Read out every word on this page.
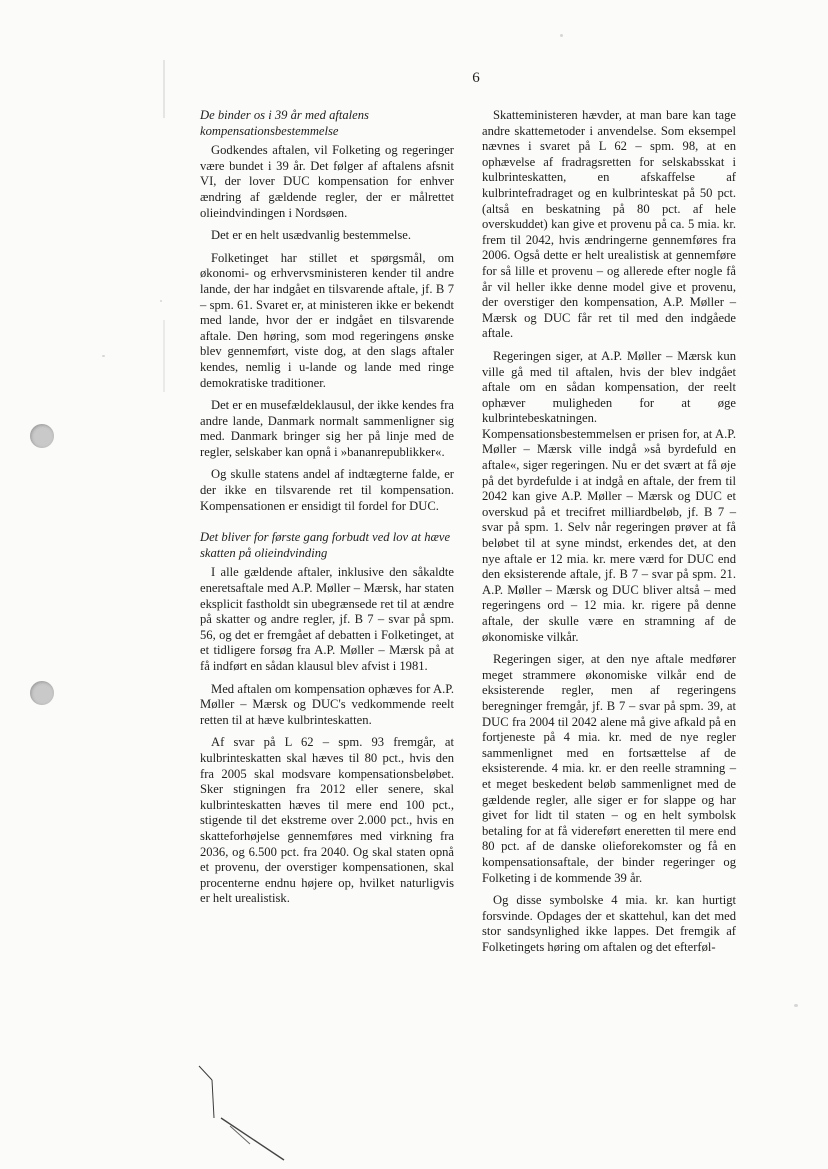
6
De binder os i 39 år med aftalens kompensationsbestemmelse

Godkendes aftalen, vil Folketing og regeringer være bundet i 39 år. Det følger af aftalens afsnit VI, der lover DUC kompensation for enhver ændring af gældende regler, der er målrettet olieindvindingen i Nordsøen.

Det er en helt usædvanlig bestemmelse.

Folketinget har stillet et spørgsmål, om økonomi- og erhvervsministeren kender til andre lande, der har indgået en tilsvarende aftale, jf. B 7 – spm. 61. Svaret er, at ministeren ikke er bekendt med lande, hvor der er indgået en tilsvarende aftale. Den høring, som mod regeringens ønske blev gennemført, viste dog, at den slags aftaler kendes, nemlig i u-lande og lande med ringe demokratiske traditioner.

Det er en musefældeklausul, der ikke kendes fra andre lande, Danmark normalt sammenligner sig med. Danmark bringer sig her på linje med de regler, selskaber kan opnå i »bananrepublikker«.

Og skulle statens andel af indtægterne falde, er der ikke en tilsvarende ret til kompensation. Kompensationen er ensidigt til fordel for DUC.

Det bliver for første gang forbudt ved lov at hæve skatten på olieindvinding

I alle gældende aftaler, inklusive den såkaldte eneretsaftale med A.P. Møller – Mærsk, har staten eksplicit fastholdt sin ubegrænsede ret til at ændre på skatter og andre regler, jf. B 7 – svar på spm. 56, og det er fremgået af debatten i Folketinget, at et tidligere forsøg fra A.P. Møller – Mærsk på at få indført en sådan klausul blev afvist i 1981.

Med aftalen om kompensation ophæves for A.P. Møller – Mærsk og DUC's vedkommende reelt retten til at hæve kulbrinteskatten.

Af svar på L 62 – spm. 93 fremgår, at kulbrinteskatten skal hæves til 80 pct., hvis den fra 2005 skal modsvare kompensationsbeløbet. Sker stigningen fra 2012 eller senere, skal kulbrinteskatten hæves til mere end 100 pct., stigende til det ekstreme over 2.000 pct., hvis en skatteforhøjelse gennemføres med virkning fra 2036, og 6.500 pct. fra 2040. Og skal staten opnå et provenu, der overstiger kompensationen, skal procenterne endnu højere op, hvilket naturligvis er helt urealistisk.

Skatteministeren hævder, at man bare kan tage andre skattemetoder i anvendelse. Som eksempel nævnes i svaret på L 62 – spm. 98, at en ophævelse af fradragsretten for selskabsskat i kulbrinteskatten, en afskaffelse af kulbrintefradraget og en kulbrinteskat på 50 pct. (altså en beskatning på 80 pct. af hele overskuddet) kan give et provenu på ca. 5 mia. kr. frem til 2042, hvis ændringerne gennemføres fra 2006. Også dette er helt urealistisk at gennemføre for så lille et provenu – og allerede efter nogle få år vil heller ikke denne model give et provenu, der overstiger den kompensation, A.P. Møller – Mærsk og DUC får ret til med den indgåede aftale.

Regeringen siger, at A.P. Møller – Mærsk kun ville gå med til aftalen, hvis der blev indgået aftale om en sådan kompensation, der reelt ophæver muligheden for at øge kulbrintebeskatningen. Kompensationsbestemmelsen er prisen for, at A.P. Møller – Mærsk ville indgå »så byrdefuld en aftale«, siger regeringen. Nu er det svært at få øje på det byrdefulde i at indgå en aftale, der frem til 2042 kan give A.P. Møller – Mærsk og DUC et overskud på et trecifret milliardbeløb, jf. B 7 – svar på spm. 1. Selv når regeringen prøver at få beløbet til at syne mindst, erkendes det, at den nye aftale er 12 mia. kr. mere værd for DUC end den eksisterende aftale, jf. B 7 – svar på spm. 21. A.P. Møller – Mærsk og DUC bliver altså – med regeringens ord – 12 mia. kr. rigere på denne aftale, der skulle være en stramning af de økonomiske vilkår.

Regeringen siger, at den nye aftale medfører meget strammere økonomiske vilkår end de eksisterende regler, men af regeringens beregninger fremgår, jf. B 7 – svar på spm. 39, at DUC fra 2004 til 2042 alene må give afkald på en fortjeneste på 4 mia. kr. med de nye regler sammenlignet med en fortsættelse af de eksisterende. 4 mia. kr. er den reelle stramning – et meget beskedent beløb sammenlignet med de gældende regler, alle siger er for slappe og har givet for lidt til staten – og en helt symbolsk betaling for at få videreført eneretten til mere end 80 pct. af de danske olieforekomster og få en kompensationsaftale, der binder regeringer og Folketing i de kommende 39 år.

Og disse symbolske 4 mia. kr. kan hurtigt forsvinde. Opdages der et skattehul, kan det med stor sandsynlighed ikke lappes. Det fremgik af Folketingets høring om aftalen og det efterføl-
